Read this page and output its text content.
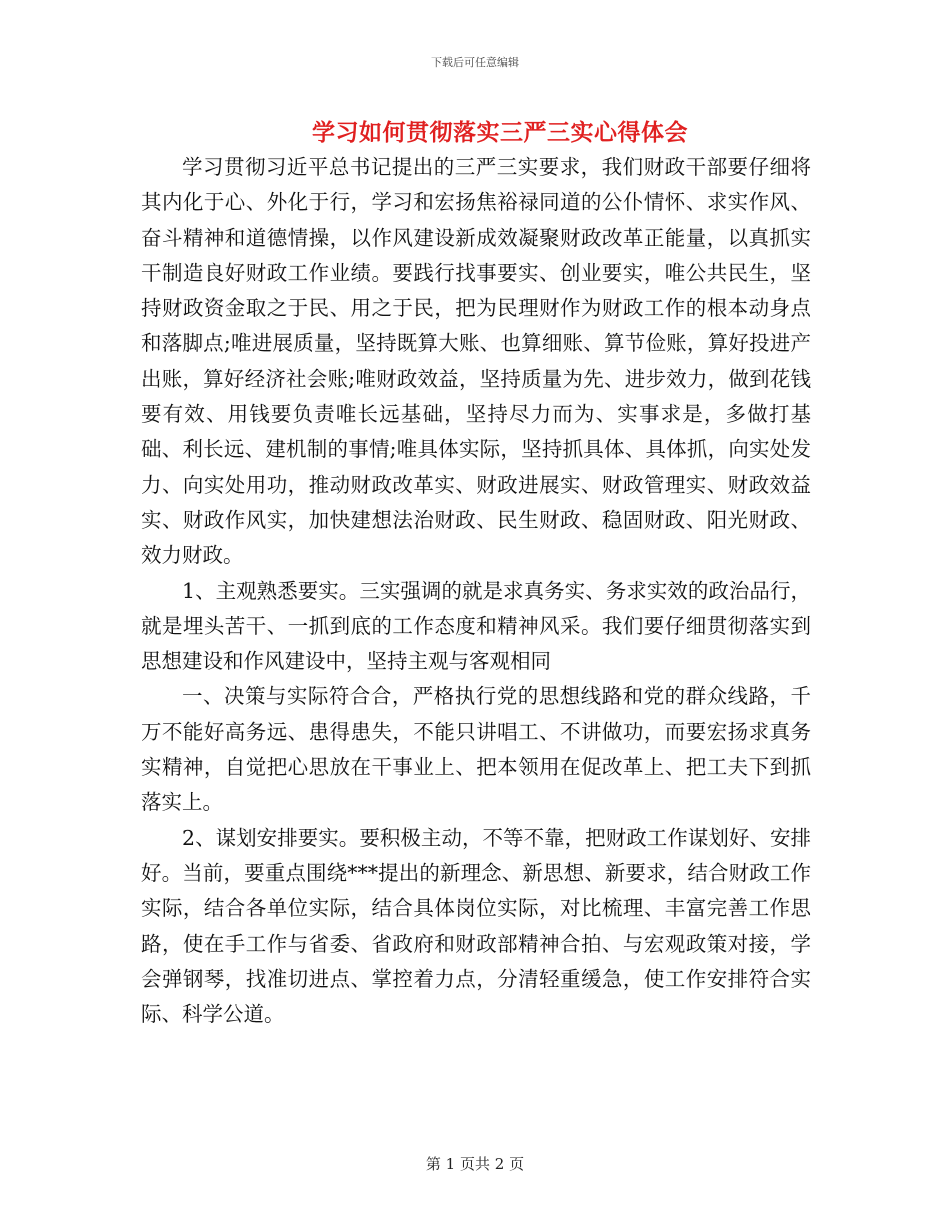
下载后可任意编辑
学习如何贯彻落实三严三实心得体会

学习贯彻习近平总书记提出的三严三实要求，我们财政干部要仔细将其内化于心、外化于行，学习和宏扬焦裕禄同道的公仆情怀、求实作风、奋斗精神和道德情操，以作风建设新成效凝聚财政改革正能量，以真抓实干制造良好财政工作业绩。要践行找事要实、创业要实，唯公共民生，坚持财政资金取之于民、用之于民，把为民理财作为财政工作的根本动身点和落脚点;唯进展质量，坚持既算大账、也算细账、算节俭账，算好投进产出账，算好经济社会账;唯财政效益，坚持质量为先、进步效力，做到花钱要有效、用钱要负责唯长远基础，坚持尽力而为、实事求是，多做打基础、利长远、建机制的事情;唯具体实际，坚持抓具体、具体抓，向实处发力、向实处用功，推动财政改革实、财政进展实、财政管理实、财政效益实、财政作风实，加快建想法治财政、民生财政、稳固财政、阳光财政、效力财政。

1、主观熟悉要实。三实强调的就是求真务实、务求实效的政治品行，就是埋头苦干、一抓到底的工作态度和精神风采。我们要仔细贯彻落实到思想建设和作风建设中，坚持主观与客观相同

一、决策与实际符合合，严格执行党的思想线路和党的群众线路，千万不能好高务远、患得患失，不能只讲唱工、不讲做功，而要宏扬求真务实精神，自觉把心思放在干事业上、把本领用在促改革上、把工夫下到抓落实上。

2、谋划安排要实。要积极主动，不等不靠，把财政工作谋划好、安排好。当前，要重点围绕***提出的新理念、新思想、新要求，结合财政工作实际，结合各单位实际，结合具体岗位实际，对比梳理、丰富完善工作思路，使在手工作与省委、省政府和财政部精神合拍、与宏观政策对接，学会弹钢琴，找准切进点、掌控着力点，分清轻重缓急，使工作安排符合实际、科学公道。

第 1 页共 2 页
